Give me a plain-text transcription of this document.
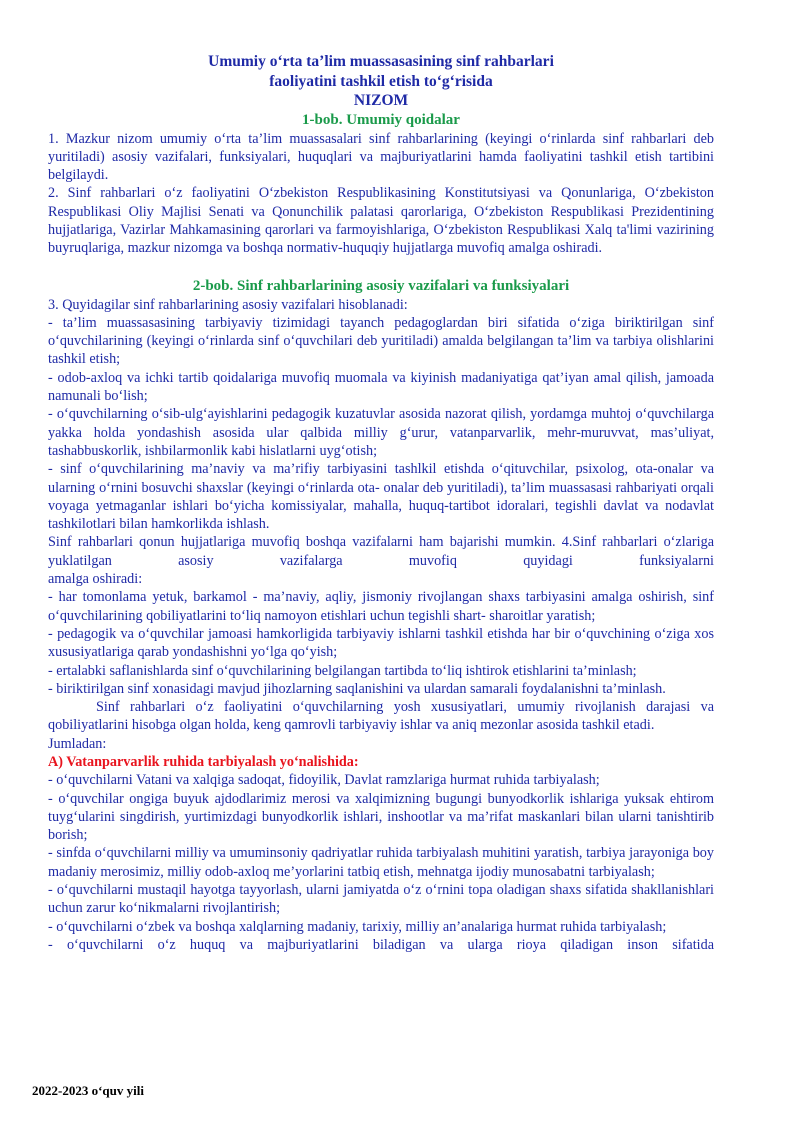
Umumiy o‘rta ta’lim muassasasining sinf rahbarlari
faoliyatini tashkil etish to‘g‘risida
NIZOM
1-bob. Umumiy qoidalar

1. Mazkur nizom umumiy o‘rta ta’lim muassasalari sinf rahbarlarining (keyingi o‘rinlarda sinf rahbarlari deb yuritiladi) asosiy vazifalari, funksiyalari, huquqlari va majburiyatlarini hamda faoliyatini tashkil etish tartibini belgilaydi.

2. Sinf rahbarlari o‘z faoliyatini O‘zbekiston Respublikasining Konstitutsiyasi va Qonunlariga, O‘zbekiston Respublikasi Oliy Majlisi Senati va Qonunchilik palatasi qarorlariga, O‘zbekiston Respublikasi Prezidentining hujjatlariga, Vazirlar Mahkamasining qarorlari va farmoyishlariga, O‘zbekiston Respublikasi Xalq ta'limi vazirining buyruqlariga, mazkur nizomga va boshqa normativ-huquqiy hujjatlarga muvofiq amalga oshiradi.

2-bob. Sinf rahbarlarining asosiy vazifalari va funksiyalari

3. Quyidagilar sinf rahbarlarining asosiy vazifalari hisoblanadi:

- ta’lim muassasasining tarbiyaviy tizimidagi tayanch pedagoglardan biri sifatida o‘ziga biriktirilgan sinf o‘quvchilarining (keyingi o‘rinlarda sinf o‘quvchilari deb yuritiladi) amalda belgilangan ta’lim va tarbiya olishlarini tashkil etish;

- odob-axloq va ichki tartib qoidalariga muvofiq muomala va kiyinish madaniyatiga qat’iyan amal qilish, jamoada namunali bo‘lish;

- o‘quvchilarning o‘sib-ulg‘ayishlarini pedagogik kuzatuvlar asosida nazorat qilish, yordamga muhtoj o‘quvchilarga yakka holda yondashish asosida ular qalbida milliy g‘urur, vatanparvarlik, mehr-muruvvat, mas’uliyat, tashabbuskorlik, ishbilarmonlik kabi hislatlarni uyg‘otish;

- sinf o‘quvchilarining ma’naviy va ma’rifiy tarbiyasini tashlkil etishda o‘qituvchilar, psixolog, ota-onalar va ularning o‘rnini bosuvchi shaxslar (keyingi o‘rinlarda ota- onalar deb yuritiladi), ta’lim muassasasi rahbariyati orqali voyaga yetmaganlar ishlari bo‘yicha komissiyalar, mahalla, huquq-tartibot idoralari, tegishli davlat va nodavlat tashkilotlari bilan hamkorlikda ishlash.

Sinf rahbarlari qonun hujjatlariga muvofiq boshqa vazifalarni ham bajarishi mumkin. 4.Sinf rahbarlari o‘zlariga yuklatilgan asosiy vazifalarga muvofiq quyidagi funksiyalarni

amalga oshiradi:

- har tomonlama yetuk, barkamol - ma’naviy, aqliy, jismoniy rivojlangan shaxs tarbiyasini amalga oshirish, sinf o‘quvchilarining qobiliyatlarini to‘liq namoyon etishlari uchun tegishli shart- sharoitlar yaratish;

- pedagogik va o‘quvchilar jamoasi hamkorligida tarbiyaviy ishlarni tashkil etishda har bir o‘quvchining o‘ziga xos xususiyatlariga qarab yondashishni yo‘lga qo‘yish;

- ertalabki saflanishlarda sinf o‘quvchilarining belgilangan tartibda to‘liq ishtirok etishlarini ta’minlash;

- biriktirilgan sinf xonasidagi mavjud jihozlarning saqlanishini va ulardan samarali foydalanishni ta’minlash.

Sinf rahbarlari o‘z faoliyatini o‘quvchilarning yosh xususiyatlari, umumiy rivojlanish darajasi va qobiliyatlarini hisobga olgan holda, keng qamrovli tarbiyaviy ishlar va aniq mezonlar asosida tashkil etadi.

Jumladan:

A) Vatanparvarlik ruhida tarbiyalash yo‘nalishida:

- o‘quvchilarni Vatani va xalqiga sadoqat, fidoyilik, Davlat ramzlariga hurmat ruhida tarbiyalash;

- o‘quvchilar ongiga buyuk ajdodlarimiz merosi va xalqimizning bugungi bunyodkorlik ishlariga yuksak ehtirom tuyg‘ularini singdirish, yurtimizdagi bunyodkorlik ishlari, inshootlar va ma’rifat maskanlari bilan ularni tanishtirib borish;

- sinfda o‘quvchilarni milliy va umuminsoniy qadriyatlar ruhida tarbiyalash muhitini yaratish, tarbiya jarayoniga boy madaniy merosimiz, milliy odob-axloq me’yorlarini tatbiq etish, mehnatga ijodiy munosabatni tarbiyalash;

- o‘quvchilarni mustaqil hayotga tayyorlash, ularni jamiyatda o‘z o‘rnini topa oladigan shaxs sifatida shakllanishlari uchun zarur ko‘nikmalarni rivojlantirish;

- o‘quvchilarni o‘zbek va boshqa xalqlarning madaniy, tarixiy, milliy an’analariga hurmat ruhida tarbiyalash;

- o‘quvchilarni o‘z huquq va majburiyatlarini biladigan va ularga rioya qiladigan inson sifatida

2022-2023 o‘quv yili
